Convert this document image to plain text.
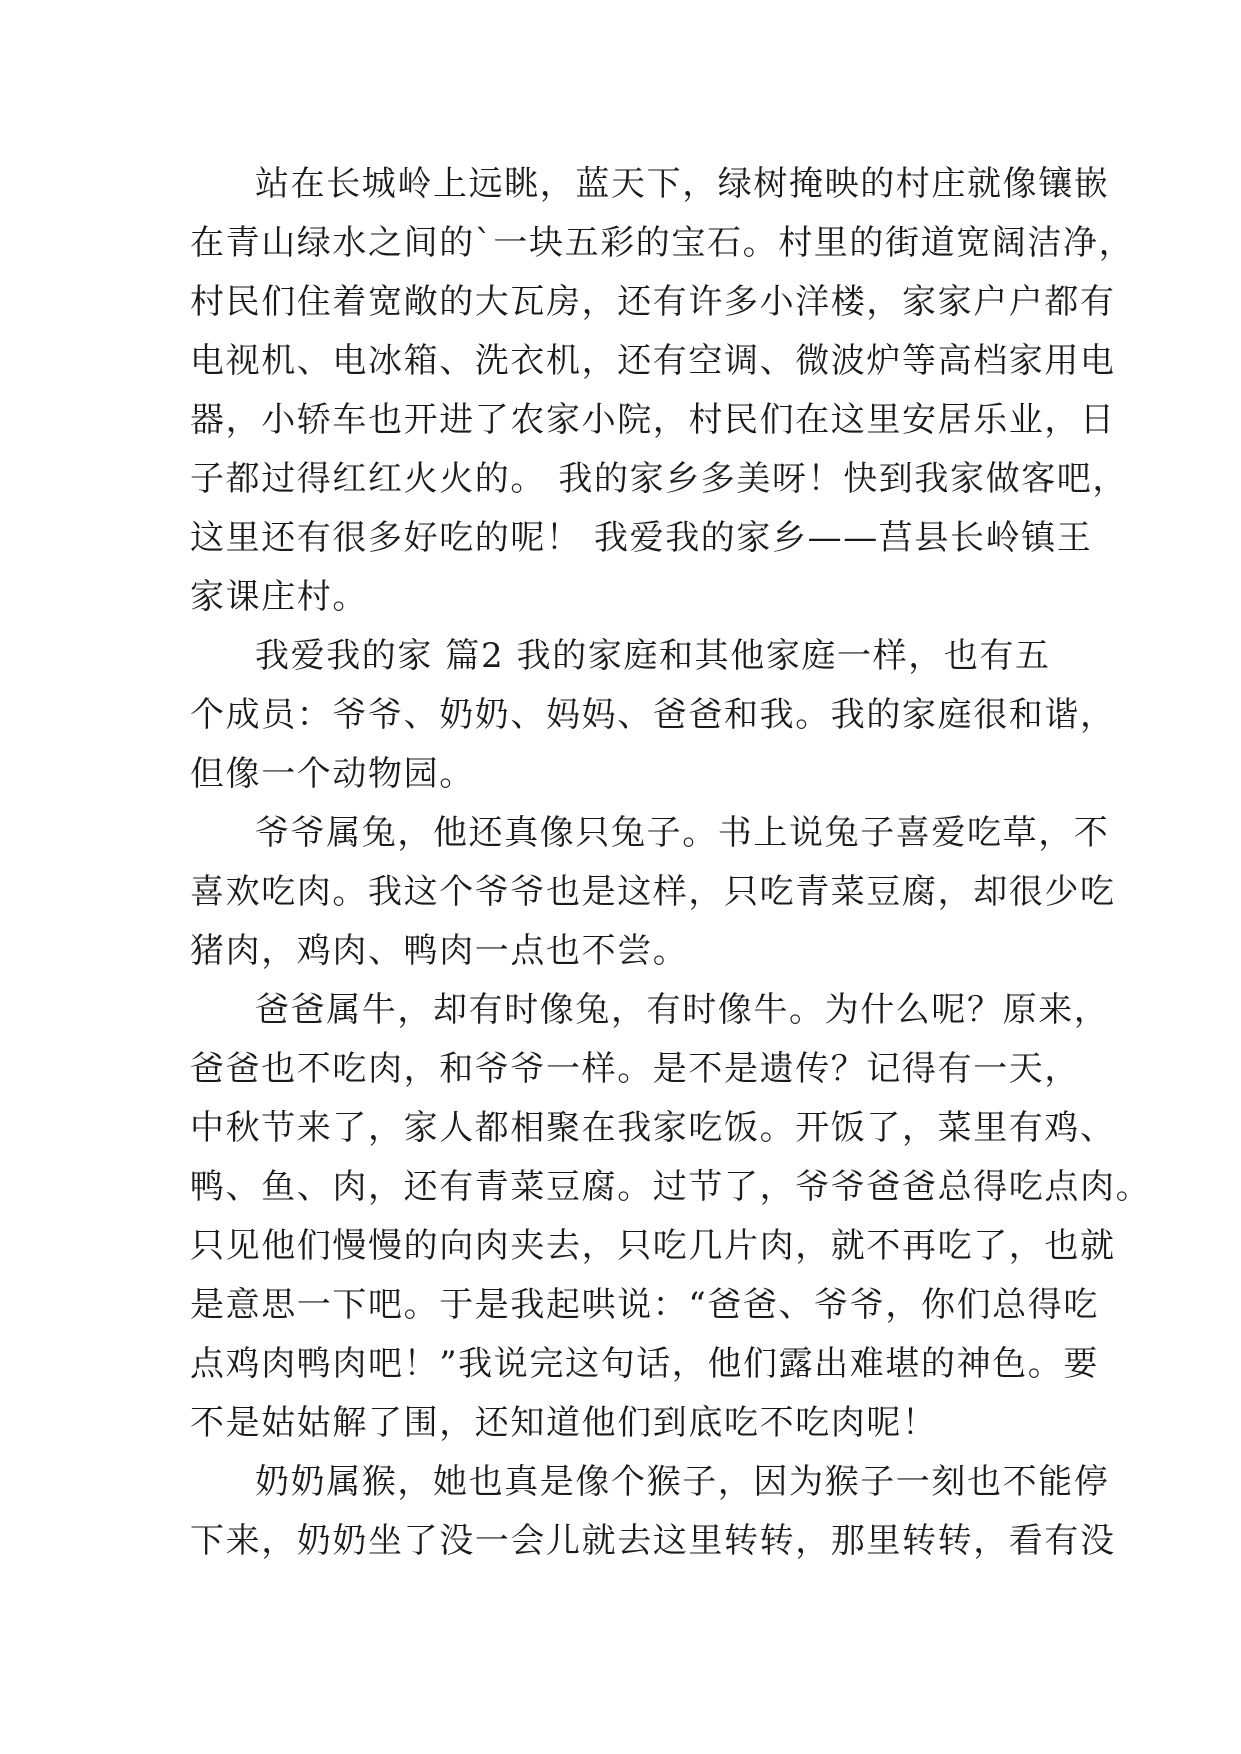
站在长城岭上远眺，蓝天下，绿树掩映的村庄就像镶嵌
在青山绿水之间的`一块五彩的宝石。村里的街道宽阔洁净，
村民们住着宽敞的大瓦房，还有许多小洋楼，家家户户都有
电视机、电冰箱、洗衣机，还有空调、微波炉等高档家用电
器，小轿车也开进了农家小院，村民们在这里安居乐业，日
子都过得红红火火的。 我的家乡多美呀！快到我家做客吧，
这里还有很多好吃的呢！ 我爱我的家乡——莒县长岭镇王
家课庄村。
我爱我的家 篇2 我的家庭和其他家庭一样，也有五
个成员：爷爷、奶奶、妈妈、爸爸和我。我的家庭很和谐，
但像一个动物园。
爷爷属兔，他还真像只兔子。书上说兔子喜爱吃草，不
喜欢吃肉。我这个爷爷也是这样，只吃青菜豆腐，却很少吃
猪肉，鸡肉、鸭肉一点也不尝。
爸爸属牛，却有时像兔，有时像牛。为什么呢？原来，
爸爸也不吃肉，和爷爷一样。是不是遗传？记得有一天，
中秋节来了，家人都相聚在我家吃饭。开饭了，菜里有鸡、
鸭、鱼、肉，还有青菜豆腐。过节了，爷爷爸爸总得吃点肉。
只见他们慢慢的向肉夹去，只吃几片肉，就不再吃了，也就
是意思一下吧。于是我起哄说：“爸爸、爷爷，你们总得吃
点鸡肉鸭肉吧！”我说完这句话，他们露出难堪的神色。要
不是姑姑解了围，还知道他们到底吃不吃肉呢！
奶奶属猴，她也真是像个猴子，因为猴子一刻也不能停
下来，奶奶坐了没一会儿就去这里转转，那里转转，看有没
